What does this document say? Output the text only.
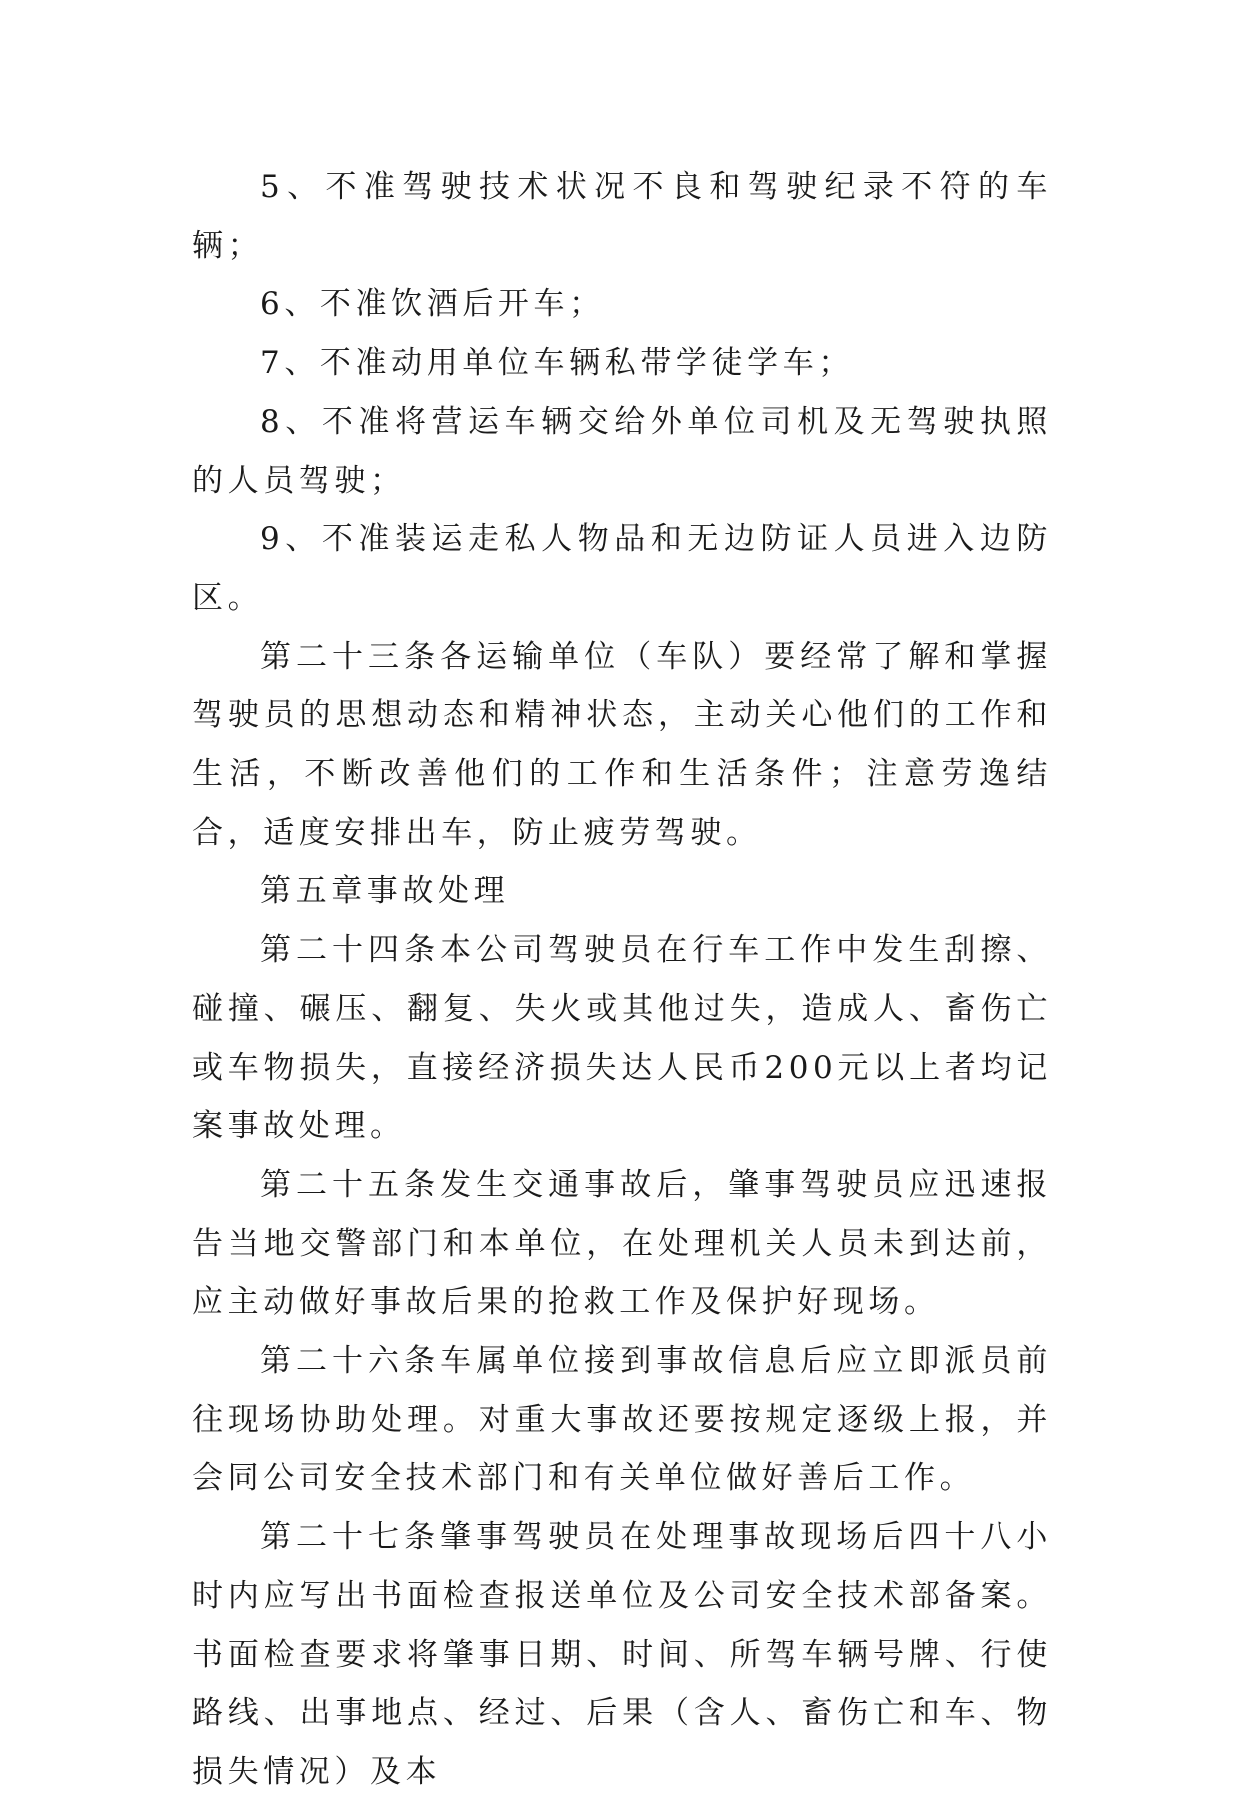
5、不准驾驶技术状况不良和驾驶纪录不符的车辆；

6、不准饮酒后开车；

7、不准动用单位车辆私带学徒学车；

8、不准将营运车辆交给外单位司机及无驾驶执照的人员驾驶；

9、不准装运走私人物品和无边防证人员进入边防区。

第二十三条各运输单位（车队）要经常了解和掌握驾驶员的思想动态和精神状态，主动关心他们的工作和生活，不断改善他们的工作和生活条件；注意劳逸结合，适度安排出车，防止疲劳驾驶。

第五章事故处理

第二十四条本公司驾驶员在行车工作中发生刮擦、碰撞、碾压、翻复、失火或其他过失，造成人、畜伤亡或车物损失，直接经济损失达人民币200元以上者均记案事故处理。

第二十五条发生交通事故后，肇事驾驶员应迅速报告当地交警部门和本单位，在处理机关人员未到达前，应主动做好事故后果的抢救工作及保护好现场。

第二十六条车属单位接到事故信息后应立即派员前往现场协助处理。对重大事故还要按规定逐级上报，并会同公司安全技术部门和有关单位做好善后工作。

第二十七条肇事驾驶员在处理事故现场后四十八小时内应写出书面检查报送单位及公司安全技术部备案。书面检查要求将肇事日期、时间、所驾车辆号牌、行使路线、出事地点、经过、后果（含人、畜伤亡和车、物损失情况）及本
